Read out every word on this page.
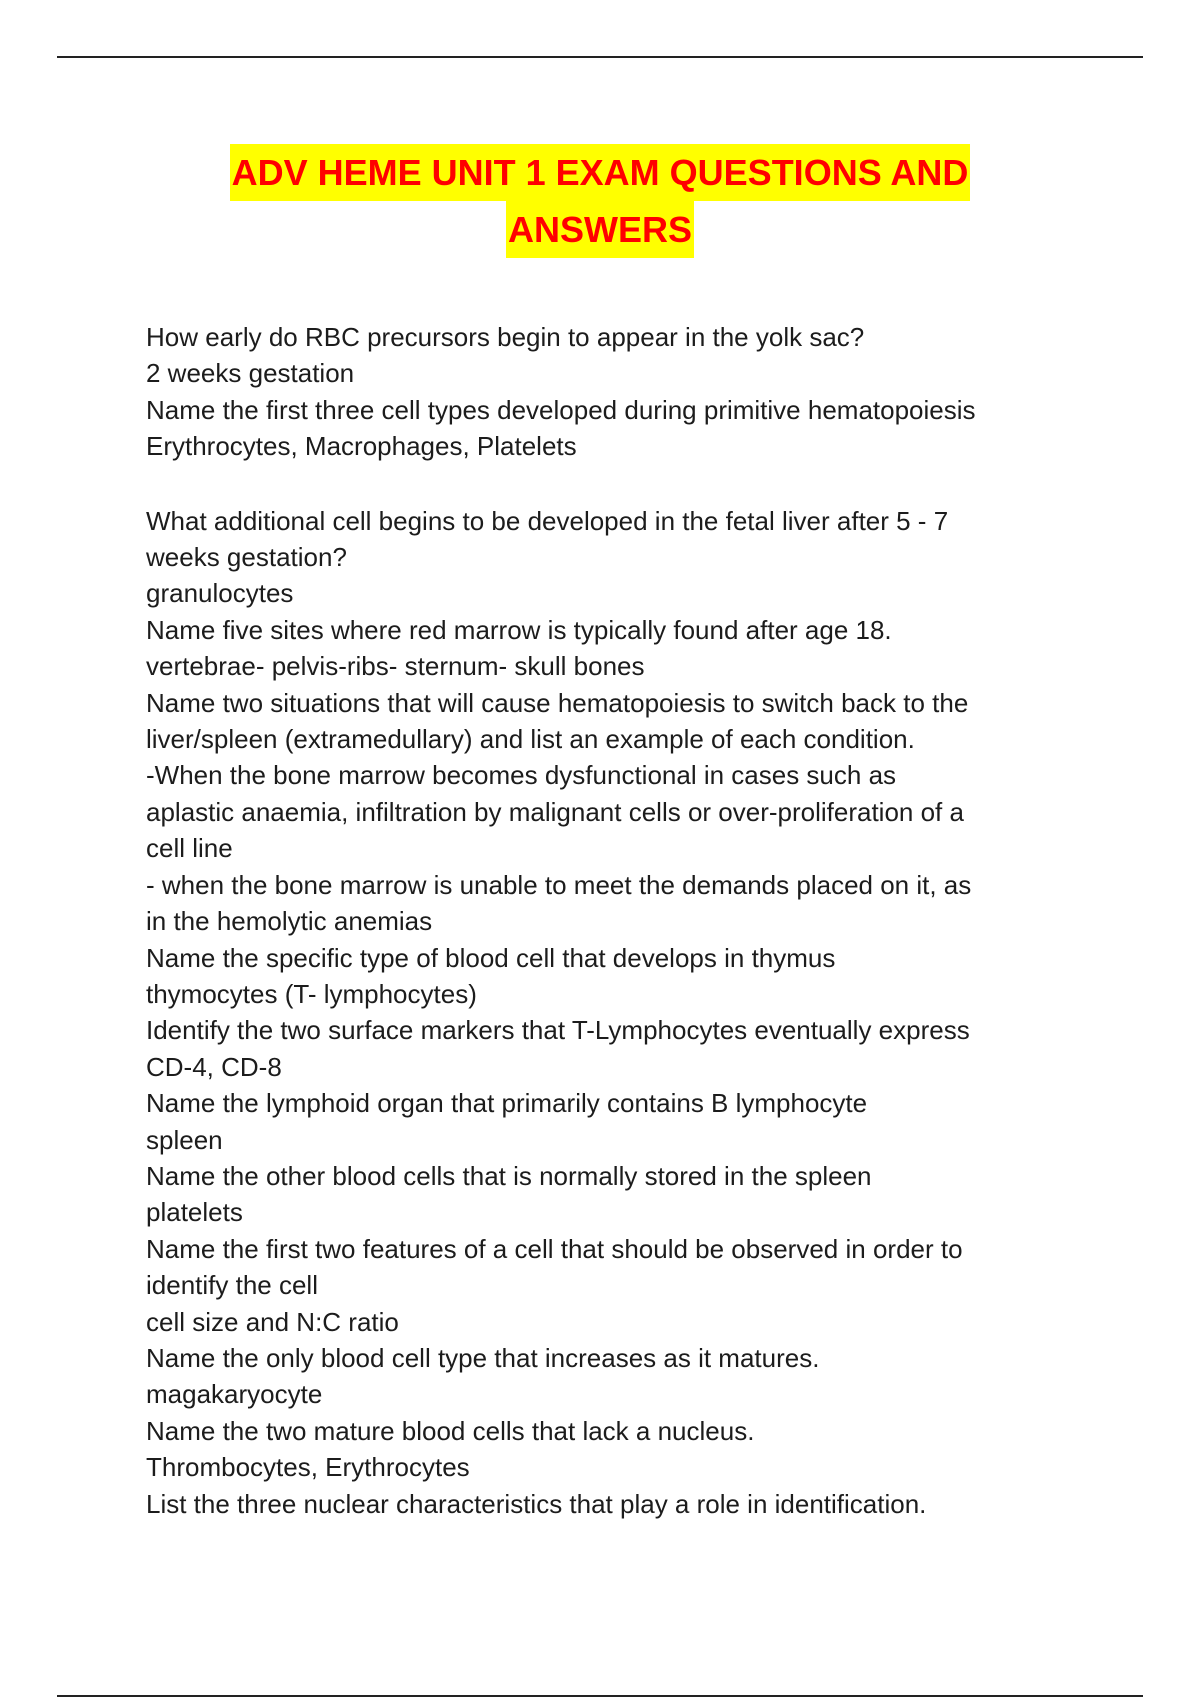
ADV HEME UNIT 1 EXAM QUESTIONS AND
ANSWERS
How early do RBC precursors begin to appear in the yolk sac?
2 weeks gestation
Name the first three cell types developed during primitive hematopoiesis
Erythrocytes, Macrophages, Platelets
What additional cell begins to be developed in the fetal liver after 5 - 7
weeks gestation?
granulocytes
Name five sites where red marrow is typically found after age 18.
vertebrae- pelvis-ribs- sternum- skull bones
Name two situations that will cause hematopoiesis to switch back to the
liver/spleen (extramedullary) and list an example of each condition.
-When the bone marrow becomes dysfunctional in cases such as
aplastic anaemia, infiltration by malignant cells or over-proliferation of a
cell line
- when the bone marrow is unable to meet the demands placed on it, as
in the hemolytic anemias
Name the specific type of blood cell that develops in thymus
thymocytes (T- lymphocytes)
Identify the two surface markers that T-Lymphocytes eventually express
CD-4, CD-8
Name the lymphoid organ that primarily contains B lymphocyte
spleen
Name the other blood cells that is normally stored in the spleen
platelets
Name the first two features of a cell that should be observed in order to
identify the cell
cell size and N:C ratio
Name the only blood cell type that increases as it matures.
magakaryocyte
Name the two mature blood cells that lack a nucleus.
Thrombocytes, Erythrocytes
List the three nuclear characteristics that play a role in identification.
